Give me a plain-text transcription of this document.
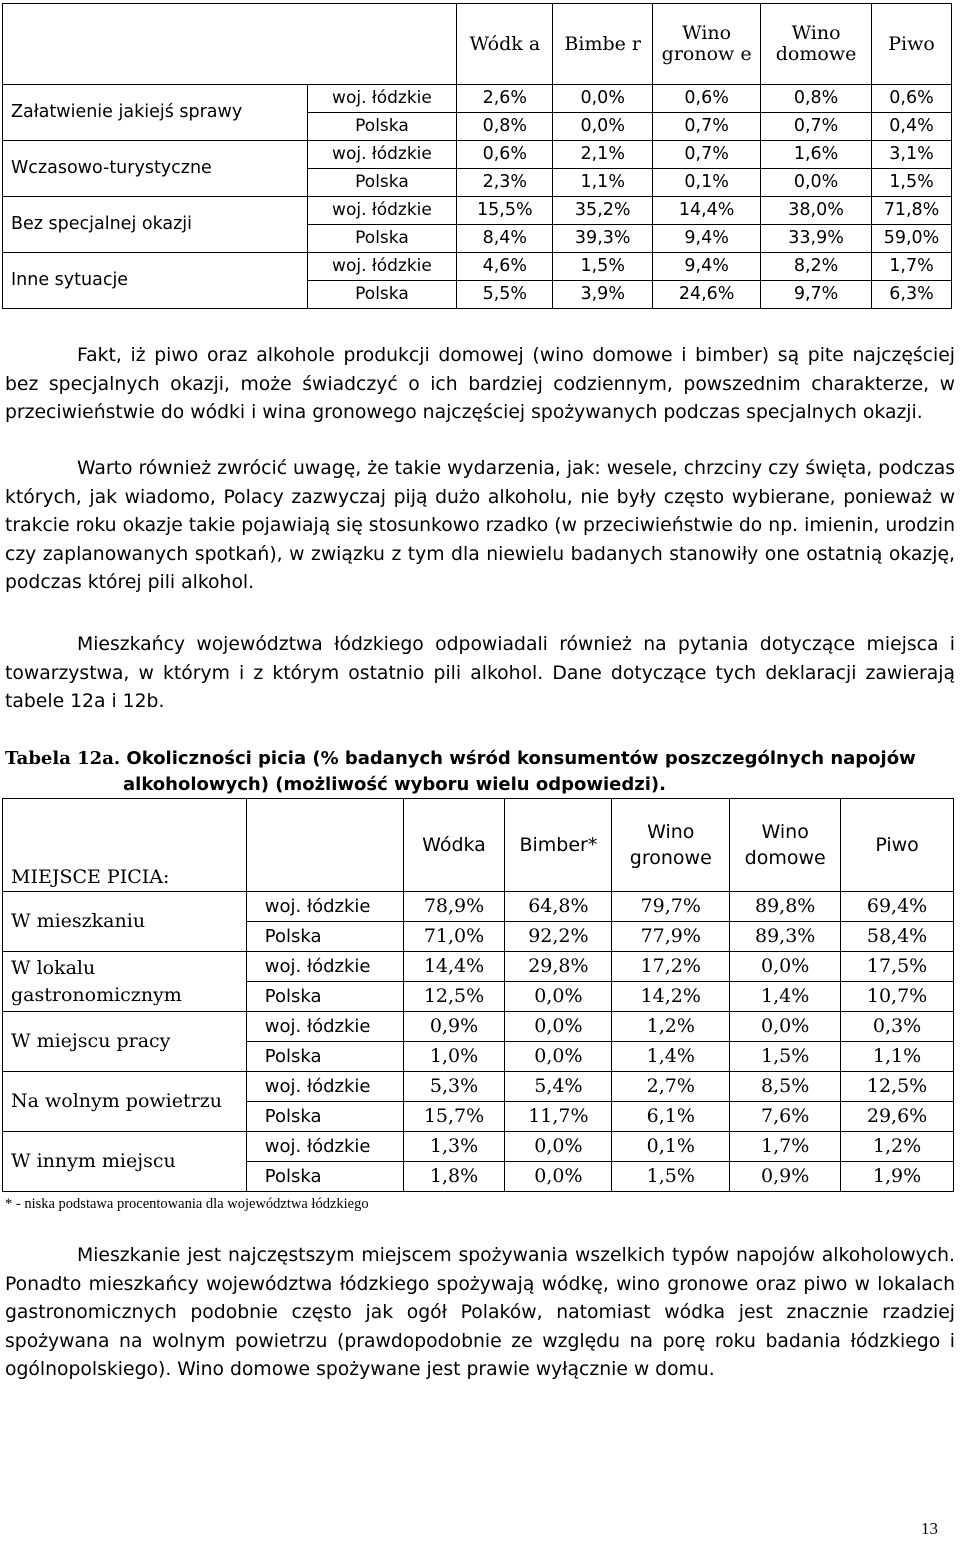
		Wódk a	Bimbe r	Wino gronow e	Wino domowe	Piwo
Załatwienie jakiejś sprawy	woj. łódzkie	2,6%	0,0%	0,6%	0,8%	0,6%
	Polska	0,8%	0,0%	0,7%	0,7%	0,4%
Wczasowo-turystyczne	woj. łódzkie	0,6%	2,1%	0,7%	1,6%	3,1%
	Polska	2,3%	1,1%	0,1%	0,0%	1,5%
Bez specjalnej okazji	woj. łódzkie	15,5%	35,2%	14,4%	38,0%	71,8%
	Polska	8,4%	39,3%	9,4%	33,9%	59,0%
Inne sytuacje	woj. łódzkie	4,6%	1,5%	9,4%	8,2%	1,7%
	Polska	5,5%	3,9%	24,6%	9,7%	6,3%

Fakt, iż piwo oraz alkohole produkcji domowej (wino domowe i bimber) są pite najczęściej bez specjalnych okazji, może świadczyć o ich bardziej codziennym, powszednim charakterze, w przeciwieństwie do wódki i wina gronowego najczęściej spożywanych podczas specjalnych okazji.

Warto również zwrócić uwagę, że takie wydarzenia, jak: wesele, chrzciny czy święta, podczas których, jak wiadomo, Polacy zazwyczaj piją dużo alkoholu, nie były często wybierane, ponieważ w trakcie roku okazje takie pojawiają się stosunkowo rzadko (w przeciwieństwie do np. imienin, urodzin czy zaplanowanych spotkań), w związku z tym dla niewielu badanych stanowiły one ostatnią okazję, podczas której pili alkohol.

Mieszkańcy województwa łódzkiego odpowiadali również na pytania dotyczące miejsca i towarzystwa, w którym i z którym ostatnio pili alkohol. Dane dotyczące tych deklaracji zawierają tabele 12a i 12b.

Tabela 12a. Okoliczności picia (% badanych wśród konsumentów poszczególnych napojów
alkoholowych) (możliwość wyboru wielu odpowiedzi).
MIEJSCE PICIA:		Wódka	Bimber*	Wino gronowe	Wino domowe	Piwo
W mieszkaniu	woj. łódzkie	78,9%	64,8%	79,7%	89,8%	69,4%
	Polska	71,0%	92,2%	77,9%	89,3%	58,4%
W lokalu gastronomicznym	woj. łódzkie	14,4%	29,8%	17,2%	0,0%	17,5%
	Polska	12,5%	0,0%	14,2%	1,4%	10,7%
W miejscu pracy	woj. łódzkie	0,9%	0,0%	1,2%	0,0%	0,3%
	Polska	1,0%	0,0%	1,4%	1,5%	1,1%
Na wolnym powietrzu	woj. łódzkie	5,3%	5,4%	2,7%	8,5%	12,5%
	Polska	15,7%	11,7%	6,1%	7,6%	29,6%
W innym miejscu	woj. łódzkie	1,3%	0,0%	0,1%	1,7%	1,2%
	Polska	1,8%	0,0%	1,5%	0,9%	1,9%
* - niska podstawa procentowania dla województwa łódzkiego

Mieszkanie jest najczęstszym miejscem spożywania wszelkich typów napojów alkoholowych. Ponadto mieszkańcy województwa łódzkiego spożywają wódkę, wino gronowe oraz piwo w lokalach gastronomicznych podobnie często jak ogół Polaków, natomiast wódka jest znacznie rzadziej spożywana na wolnym powietrzu (prawdopodobnie ze względu na porę roku badania łódzkiego i ogólnopolskiego). Wino domowe spożywane jest prawie wyłącznie w domu.

13
